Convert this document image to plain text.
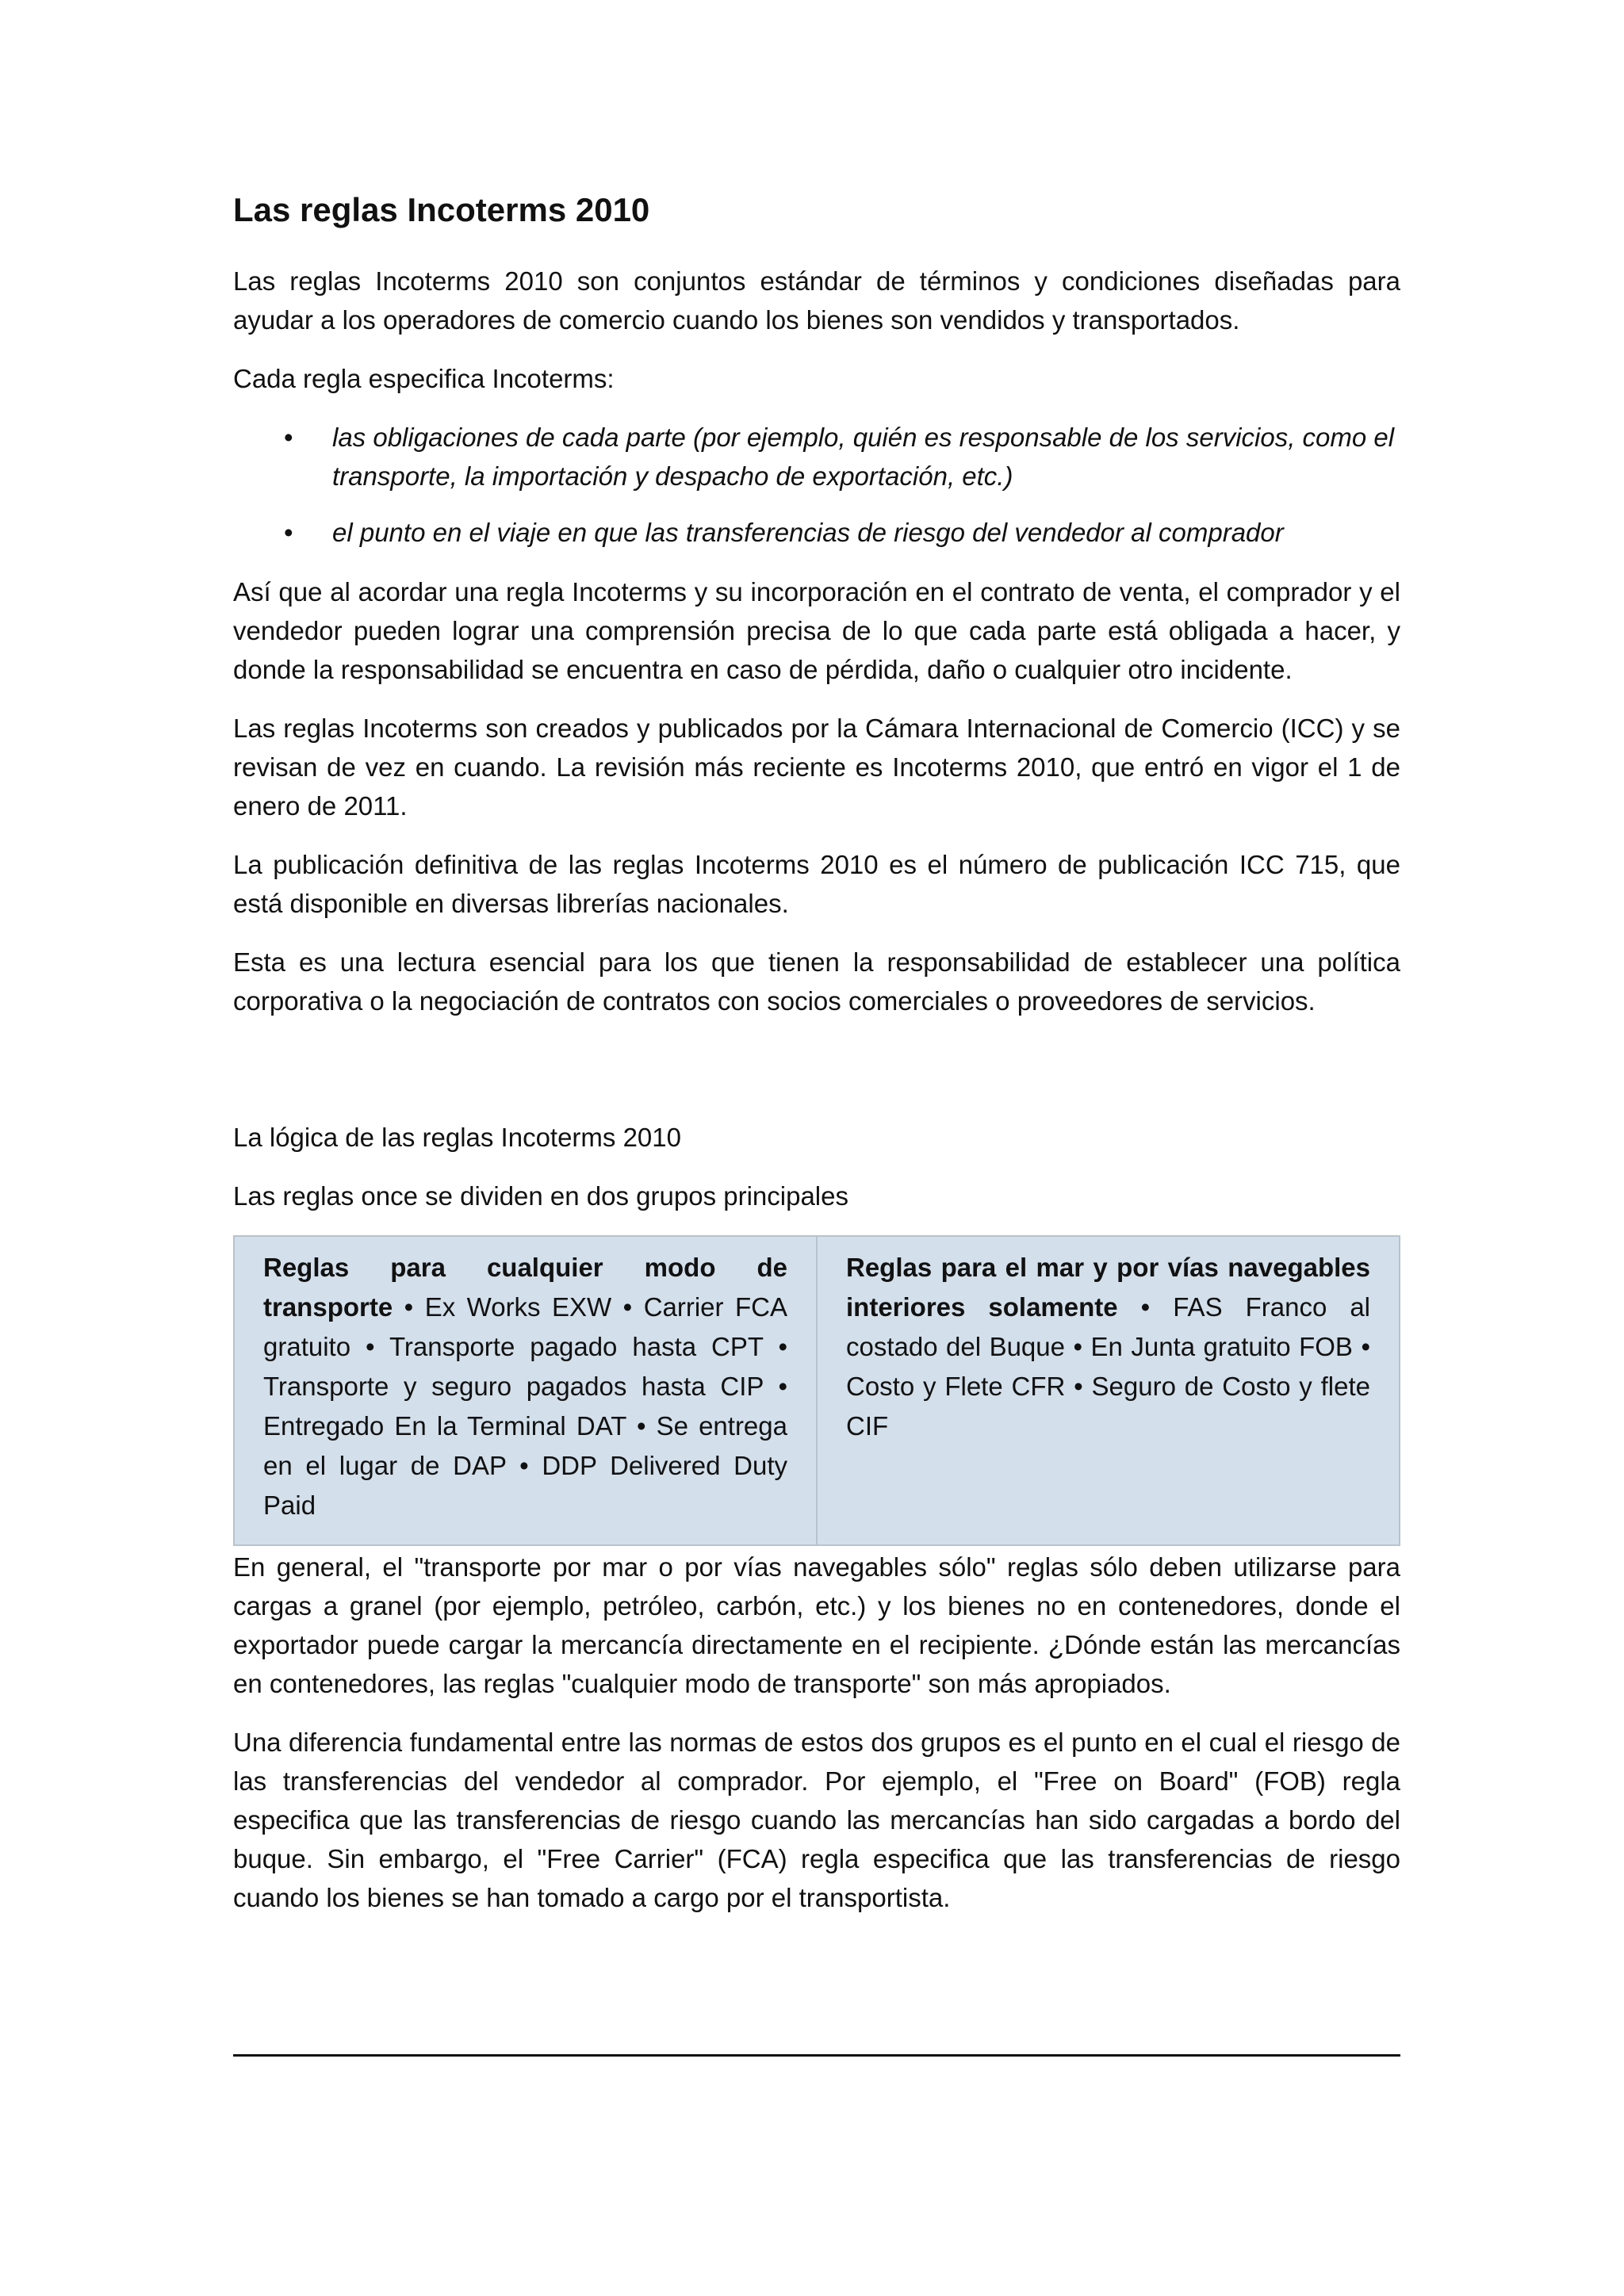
Las reglas Incoterms 2010

Las reglas Incoterms 2010 son conjuntos estándar de términos y condiciones diseñadas para ayudar a los operadores de comercio cuando los bienes son vendidos y transportados.

Cada regla especifica Incoterms:

• las obligaciones de cada parte (por ejemplo, quién es responsable de los servicios, como el transporte, la importación y despacho de exportación, etc.)
• el punto en el viaje en que las transferencias de riesgo del vendedor al comprador

Así que al acordar una regla Incoterms y su incorporación en el contrato de venta, el comprador y el vendedor pueden lograr una comprensión precisa de lo que cada parte está obligada a hacer, y donde la responsabilidad se encuentra en caso de pérdida, daño o cualquier otro incidente.

Las reglas Incoterms son creados y publicados por la Cámara Internacional de Comercio (ICC) y se revisan de vez en cuando. La revisión más reciente es Incoterms 2010, que entró en vigor el 1 de enero de 2011.

La publicación definitiva de las reglas Incoterms 2010 es el número de publicación ICC 715, que está disponible en diversas librerías nacionales.

Esta es una lectura esencial para los que tienen la responsabilidad de establecer una política corporativa o la negociación de contratos con socios comerciales o proveedores de servicios.

La lógica de las reglas Incoterms 2010

Las reglas once se dividen en dos grupos principales

Reglas para cualquier modo de transporte • Ex Works EXW • Carrier FCA gratuito • Transporte pagado hasta CPT • Transporte y seguro pagados hasta CIP • Entregado En la Terminal DAT • Se entrega en el lugar de DAP • DDP Delivered Duty Paid	Reglas para el mar y por vías navegables interiores solamente • FAS Franco al costado del Buque • En Junta gratuito FOB • Costo y Flete CFR • Seguro de Costo y flete CIF

En general, el "transporte por mar o por vías navegables sólo" reglas sólo deben utilizarse para cargas a granel (por ejemplo, petróleo, carbón, etc.) y los bienes no en contenedores, donde el exportador puede cargar la mercancía directamente en el recipiente. ¿Dónde están las mercancías en contenedores, las reglas "cualquier modo de transporte" son más apropiados.

Una diferencia fundamental entre las normas de estos dos grupos es el punto en el cual el riesgo de las transferencias del vendedor al comprador. Por ejemplo, el "Free on Board" (FOB) regla especifica que las transferencias de riesgo cuando las mercancías han sido cargadas a bordo del buque. Sin embargo, el "Free Carrier" (FCA) regla especifica que las transferencias de riesgo cuando los bienes se han tomado a cargo por el transportista.
